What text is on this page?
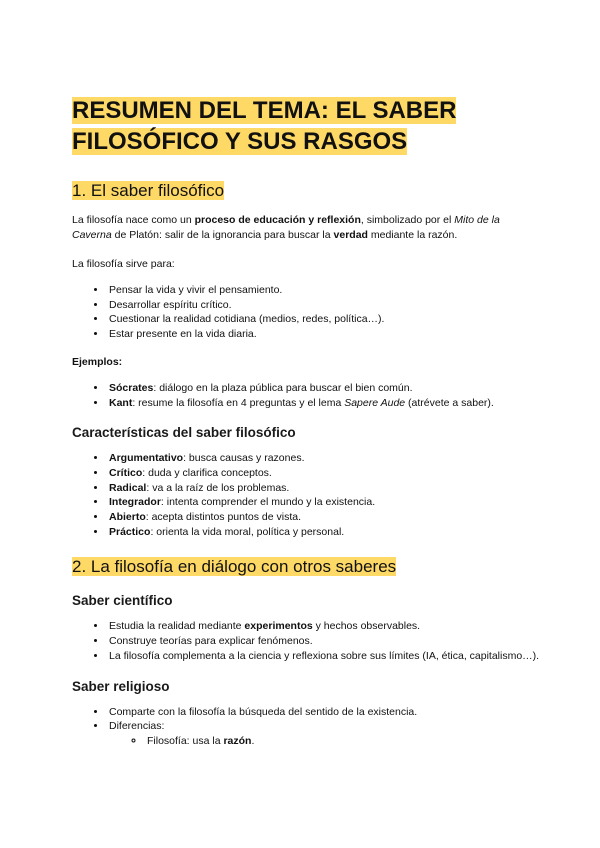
RESUMEN DEL TEMA: EL SABER FILOSÓFICO Y SUS RASGOS
1. El saber filosófico

La filosofía nace como un proceso de educación y reflexión, simbolizado por el Mito de la Caverna de Platón: salir de la ignorancia para buscar la verdad mediante la razón.

La filosofía sirve para:

• Pensar la vida y vivir el pensamiento.
• Desarrollar espíritu crítico.
• Cuestionar la realidad cotidiana (medios, redes, política…).
• Estar presente en la vida diaria.

Ejemplos:

• Sócrates: diálogo en la plaza pública para buscar el bien común.
• Kant: resume la filosofía en 4 preguntas y el lema Sapere Aude (atrévete a saber).
Características del saber filosófico
• Argumentativo: busca causas y razones.
• Crítico: duda y clarifica conceptos.
• Radical: va a la raíz de los problemas.
• Integrador: intenta comprender el mundo y la existencia.
• Abierto: acepta distintos puntos de vista.
• Práctico: orienta la vida moral, política y personal.
2. La filosofía en diálogo con otros saberes
Saber científico
• Estudia la realidad mediante experimentos y hechos observables.
• Construye teorías para explicar fenómenos.
• La filosofía complementa a la ciencia y reflexiona sobre sus límites (IA, ética, capitalismo…).
Saber religioso
• Comparte con la filosofía la búsqueda del sentido de la existencia.
• Diferencias:
◦ Filosofía: usa la razón.
